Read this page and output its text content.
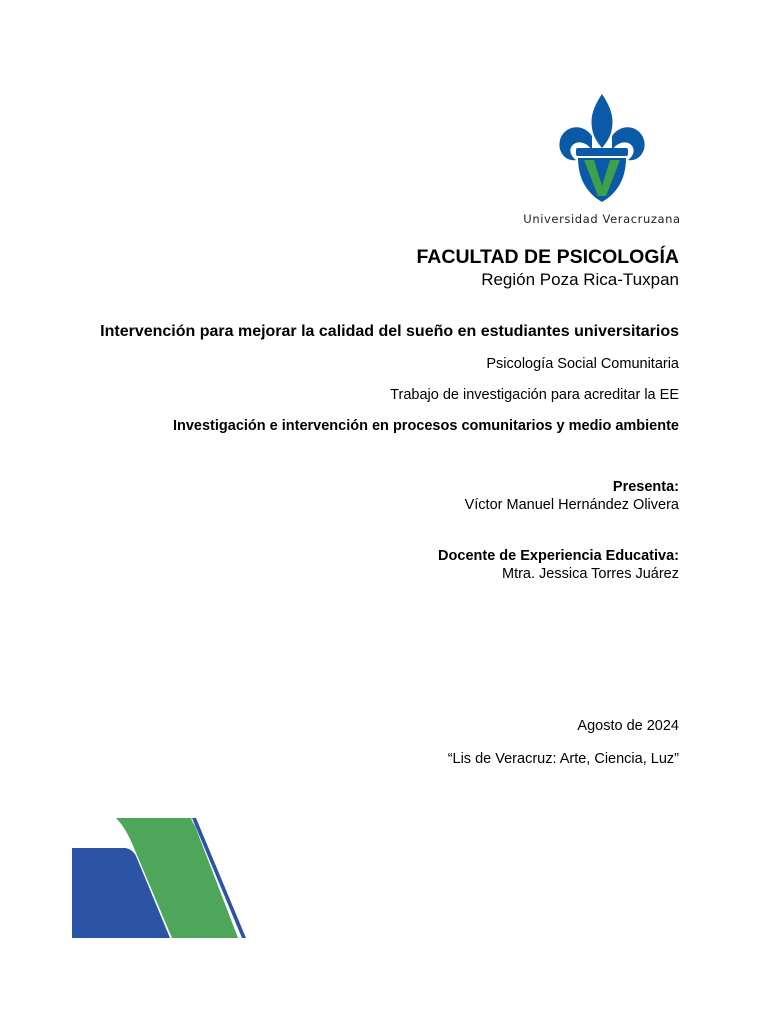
Universidad Veracruzana
FACULTAD DE PSICOLOGÍA
Región Poza Rica-Tuxpan
Intervención para mejorar la calidad del sueño en estudiantes universitarios
Psicología Social Comunitaria
Trabajo de investigación para acreditar la EE
Investigación e intervención en procesos comunitarios y medio ambiente
Presenta:
Víctor Manuel Hernández Olivera
Docente de Experiencia Educativa:
Mtra. Jessica Torres Juárez
Agosto de 2024
“Lis de Veracruz: Arte, Ciencia, Luz”
